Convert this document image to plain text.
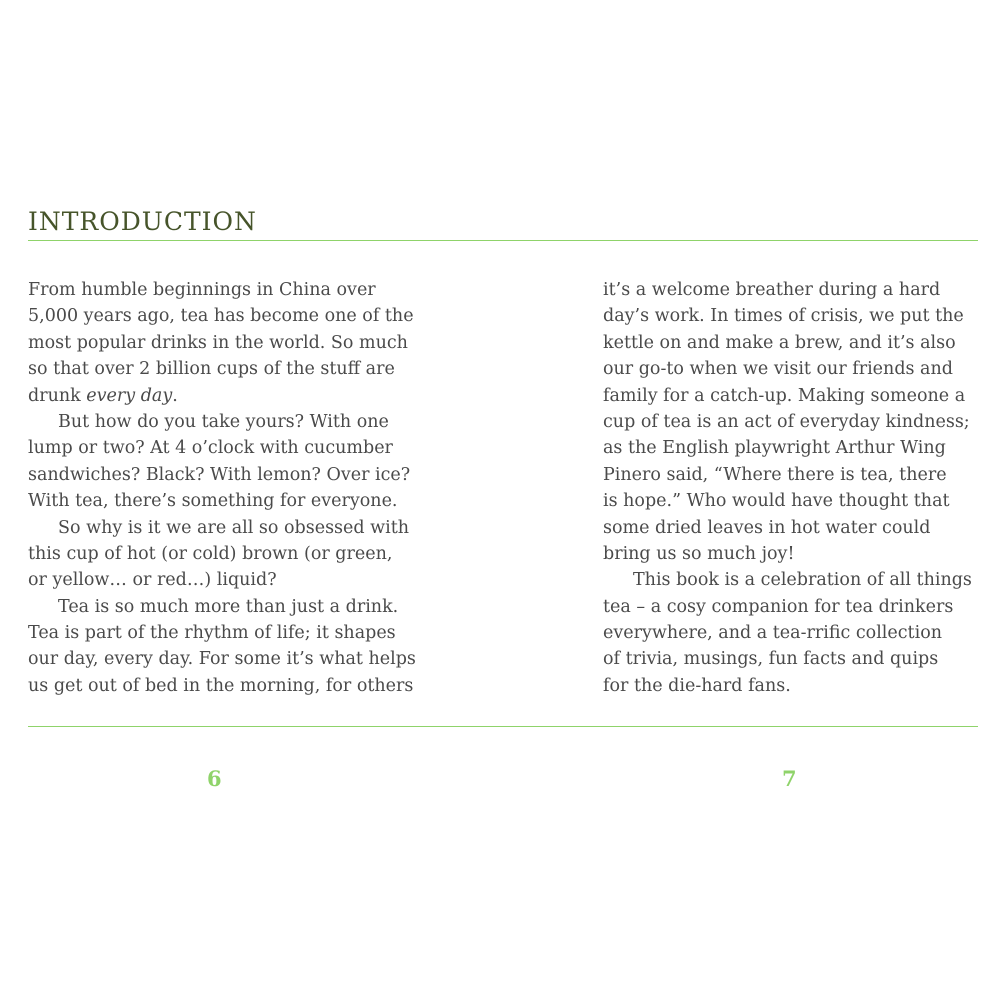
INTRODUCTION
From humble beginnings in China over
5,000 years ago, tea has become one of the
most popular drinks in the world. So much
so that over 2 billion cups of the stuff are
drunk every day.
But how do you take yours? With one
lump or two? At 4 o’clock with cucumber
sandwiches? Black? With lemon? Over ice?
With tea, there’s something for everyone.
So why is it we are all so obsessed with
this cup of hot (or cold) brown (or green,
or yellow… or red…) liquid?
Tea is so much more than just a drink.
Tea is part of the rhythm of life; it shapes
our day, every day. For some it’s what helps
us get out of bed in the morning, for others
it’s a welcome breather during a hard
day’s work. In times of crisis, we put the
kettle on and make a brew, and it’s also
our go-to when we visit our friends and
family for a catch-up. Making someone a
cup of tea is an act of everyday kindness;
as the English playwright Arthur Wing
Pinero said, “Where there is tea, there
is hope.” Who would have thought that
some dried leaves in hot water could
bring us so much joy!
This book is a celebration of all things
tea – a cosy companion for tea drinkers
everywhere, and a tea-rrific collection
of trivia, musings, fun facts and quips
for the die-hard fans.
6	7
